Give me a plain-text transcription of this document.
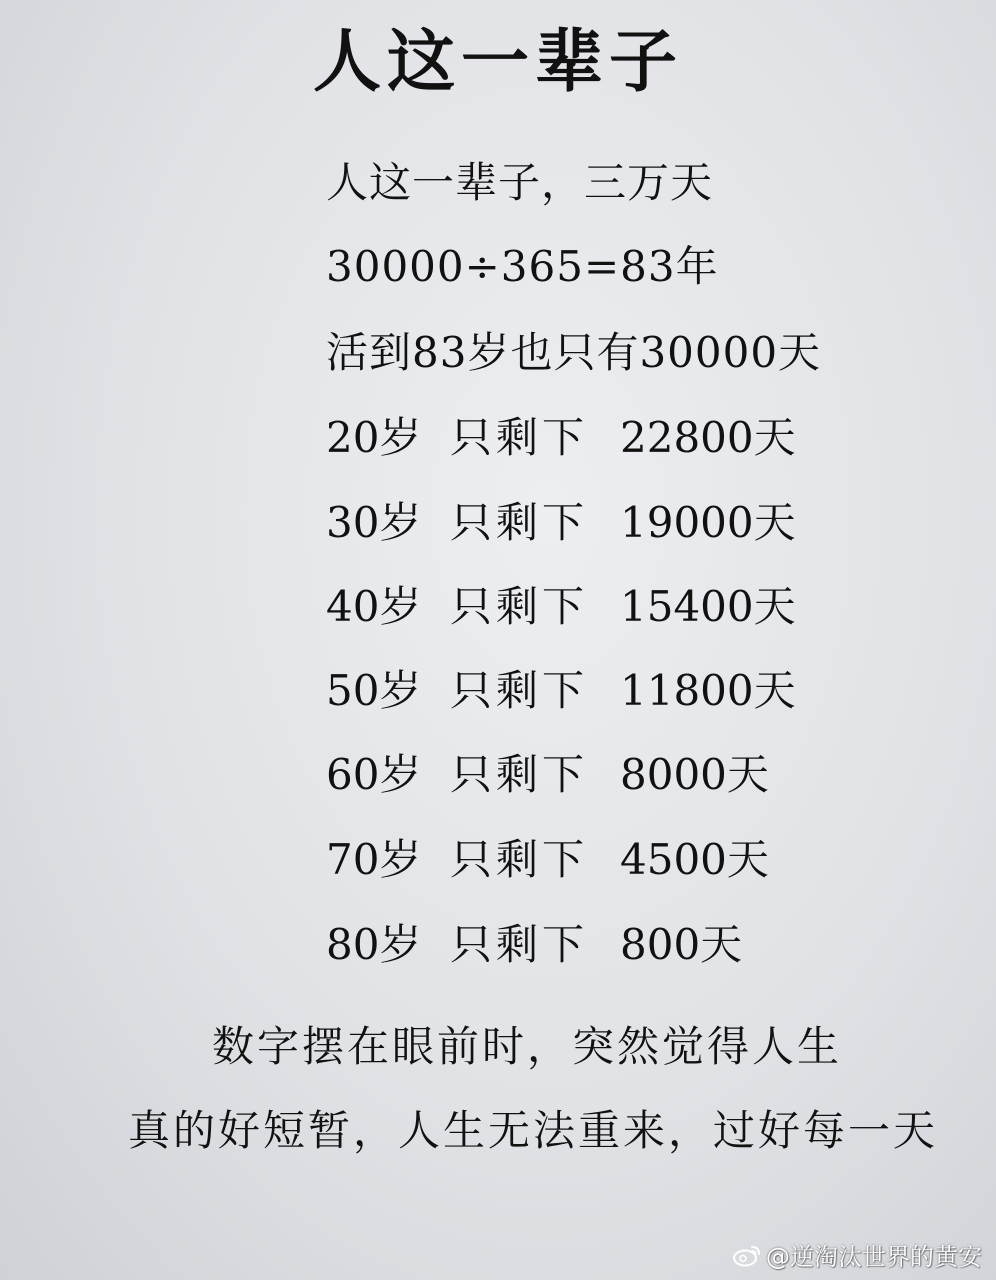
人这一辈子
人这一辈子，三万天
30000÷365=83年
活到83岁也只有30000天
20岁 只剩下 22800天
30岁 只剩下 19000天
40岁 只剩下 15400天
50岁 只剩下 11800天
60岁 只剩下 8000天
70岁 只剩下 4500天
80岁 只剩下 800天
数字摆在眼前时，突然觉得人生
真的好短暂，人生无法重来，过好每一天
@逆淘汰世界的黄安
